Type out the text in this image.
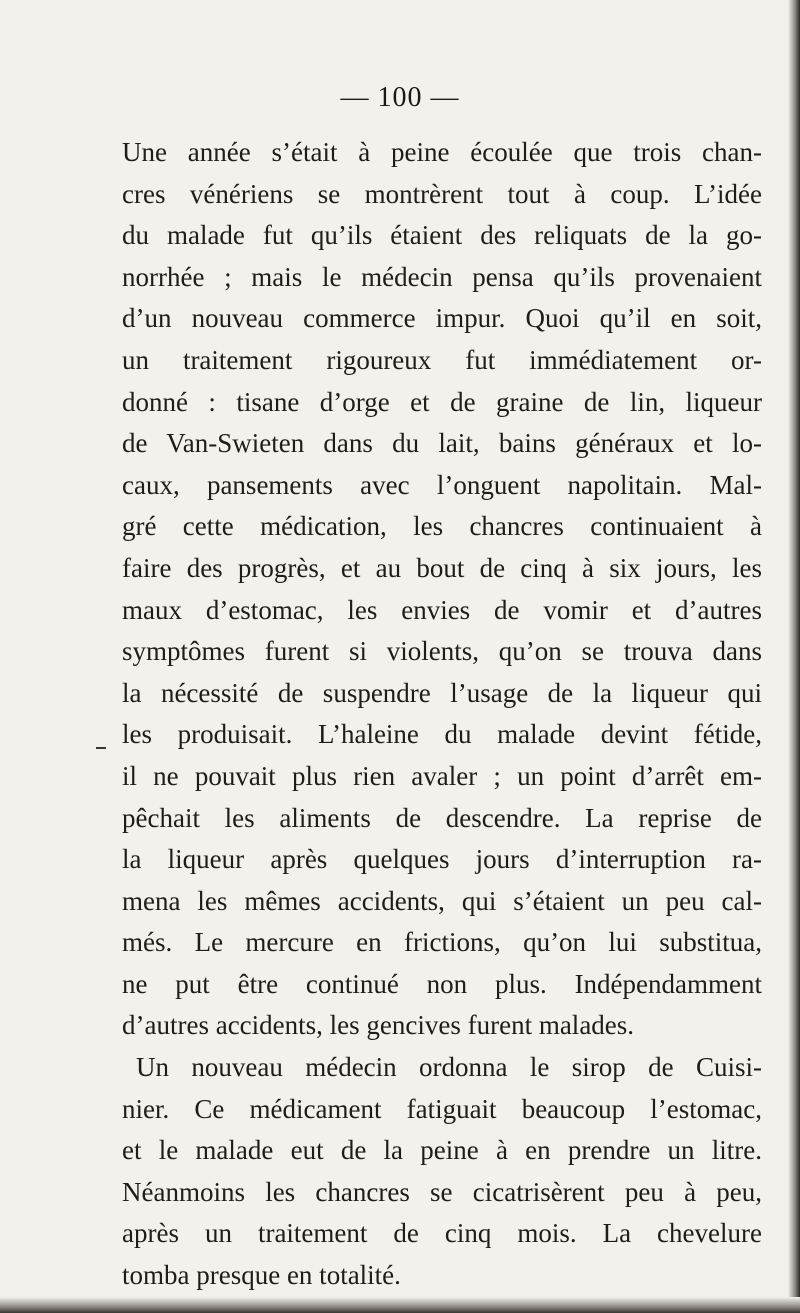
— 100 —
Une année s’était à peine écoulée que trois chan-
cres vénériens se montrèrent tout à coup. L’idée
du malade fut qu’ils étaient des reliquats de la go-
norrhée ; mais le médecin pensa qu’ils provenaient
d’un nouveau commerce impur. Quoi qu’il en soit,
un traitement rigoureux fut immédiatement or-
donné : tisane d’orge et de graine de lin, liqueur
de Van-Swieten dans du lait, bains généraux et lo-
caux, pansements avec l’onguent napolitain. Mal-
gré cette médication, les chancres continuaient à
faire des progrès, et au bout de cinq à six jours, les
maux d’estomac, les envies de vomir et d’autres
symptômes furent si violents, qu’on se trouva dans
la nécessité de suspendre l’usage de la liqueur qui
les produisait. L’haleine du malade devint fétide,
il ne pouvait plus rien avaler ; un point d’arrêt em-
pêchait les aliments de descendre. La reprise de
la liqueur après quelques jours d’interruption ra-
mena les mêmes accidents, qui s’étaient un peu cal-
més. Le mercure en frictions, qu’on lui substitua,
ne put être continué non plus. Indépendamment
d’autres accidents, les gencives furent malades.
Un nouveau médecin ordonna le sirop de Cuisi-
nier. Ce médicament fatiguait beaucoup l’estomac,
et le malade eut de la peine à en prendre un litre.
Néanmoins les chancres se cicatrisèrent peu à peu,
après un traitement de cinq mois. La chevelure
tomba presque en totalité.
